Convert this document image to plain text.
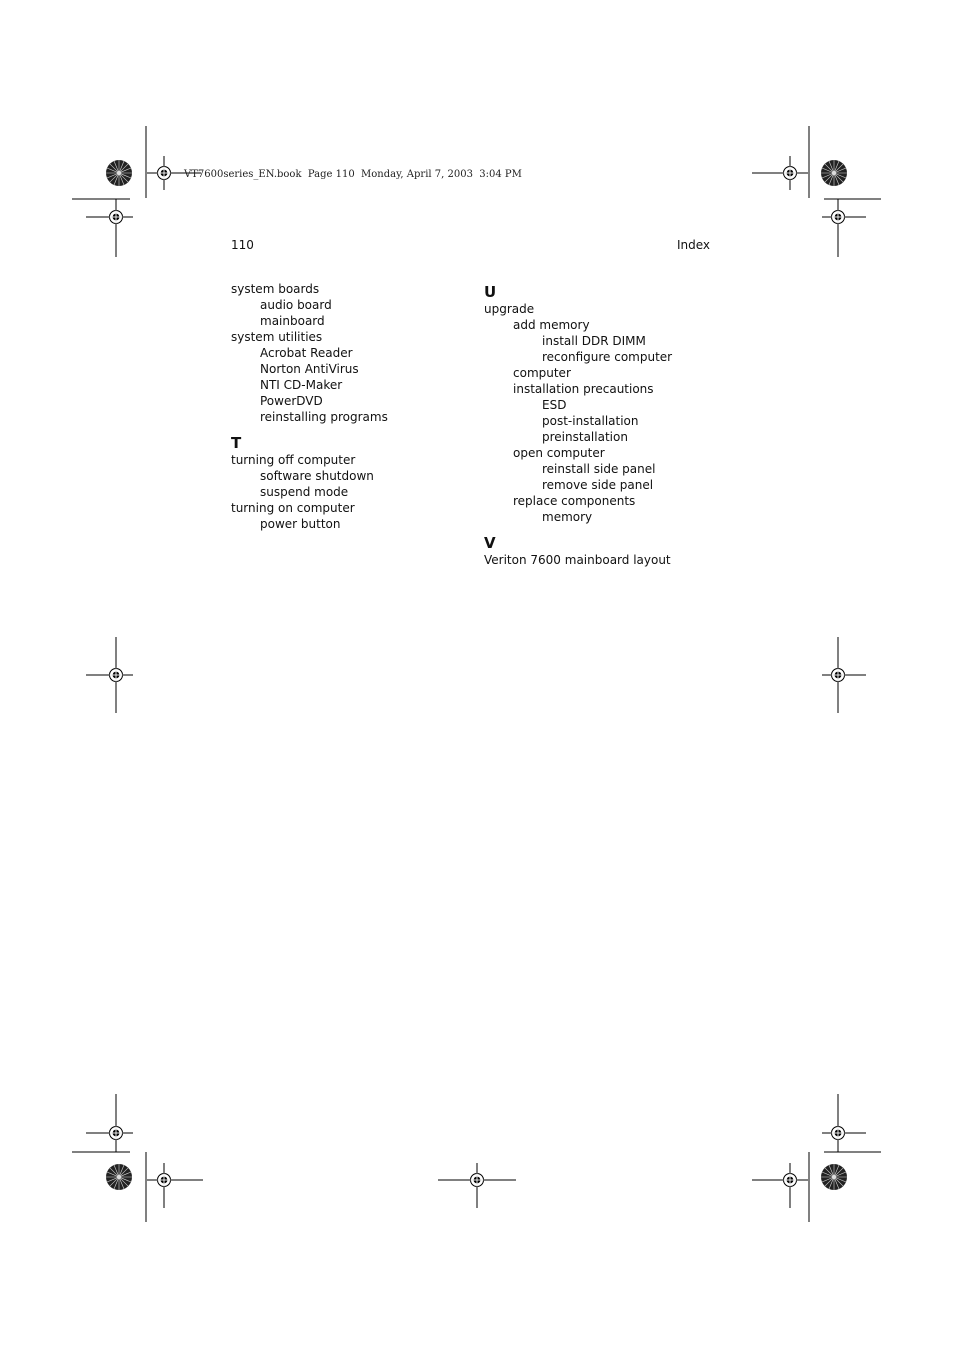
VT7600series_EN.book  Page 110  Monday, April 7, 2003  3:04 PM
110	Index
system boards
audio board
mainboard
system utilities
Acrobat Reader
Norton AntiVirus
NTI CD-Maker
PowerDVD
reinstalling programs
T
turning off computer
software shutdown
suspend mode
turning on computer
power button
U
upgrade
add memory
install DDR DIMM
reconfigure computer
computer
installation precautions
ESD
post-installation
preinstallation
open computer
reinstall side panel
remove side panel
replace components
memory
V
Veriton 7600 mainboard layout
